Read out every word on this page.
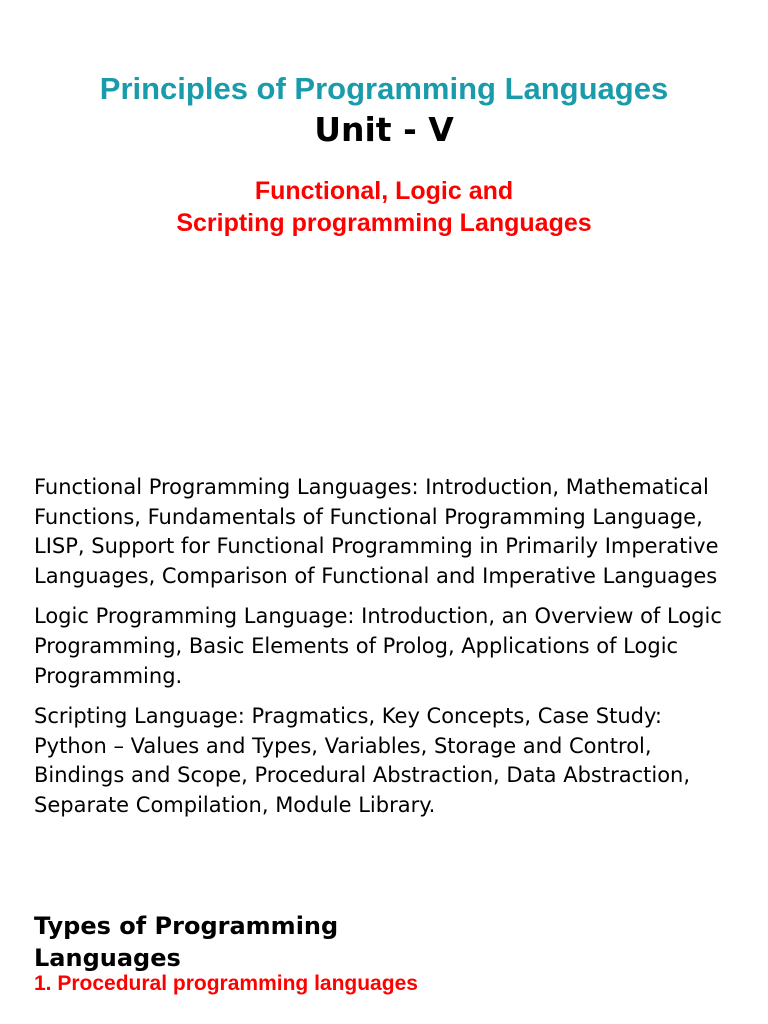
Principles of Programming Languages
Unit - V
Functional, Logic and
Scripting programming Languages

Functional Programming Languages: Introduction, Mathematical Functions, Fundamentals of Functional Programming Language, LISP, Support for Functional Programming in Primarily Imperative Languages, Comparison of Functional and Imperative Languages

Logic Programming Language: Introduction, an Overview of Logic Programming, Basic Elements of Prolog, Applications of Logic Programming.

Scripting Language: Pragmatics, Key Concepts, Case Study: Python – Values and Types, Variables, Storage and Control, Bindings and Scope, Procedural Abstraction, Data Abstraction, Separate Compilation, Module Library.

Types of Programming Languages

1. Procedural programming languages
